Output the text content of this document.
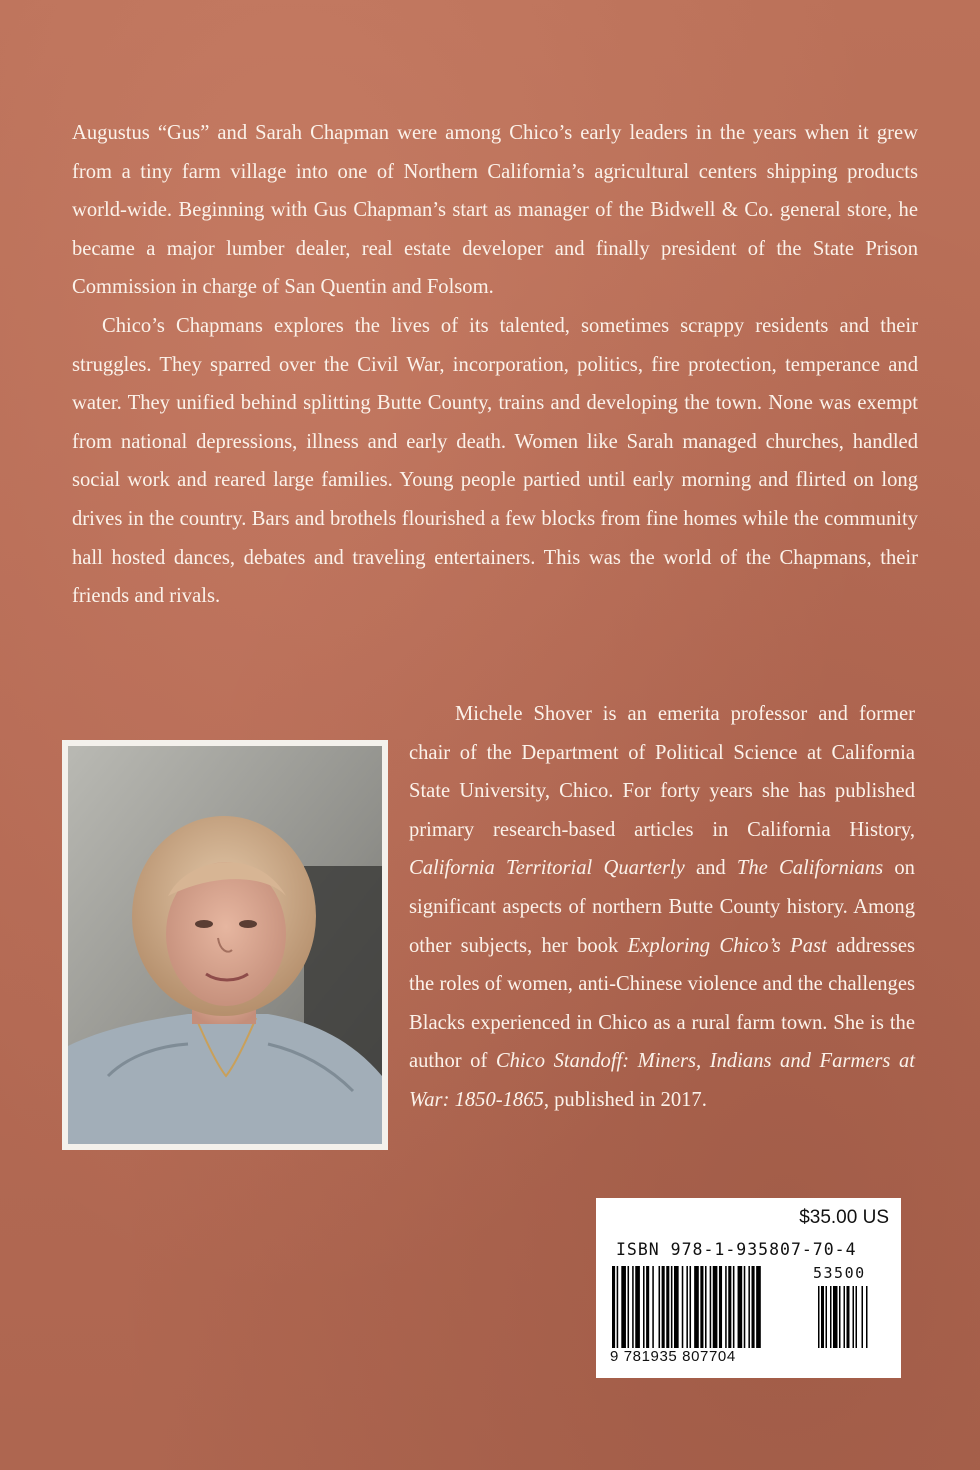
Augustus “Gus” and Sarah Chapman were among Chico’s early leaders in the years when it grew from a tiny farm village into one of Northern California’s agricultural centers shipping products world-wide. Beginning with Gus Chapman’s start as manager of the Bidwell & Co. general store, he became a major lumber dealer, real estate developer and finally president of the State Prison Commission in charge of San Quentin and Folsom.

Chico’s Chapmans explores the lives of its talented, sometimes scrappy residents and their struggles. They sparred over the Civil War, incorporation, politics, fire protection, temperance and water. They unified behind splitting Butte County, trains and developing the town. None was exempt from national depressions, illness and early death. Women like Sarah managed churches, handled social work and reared large families. Young people partied until early morning and flirted on long drives in the country. Bars and brothels flourished a few blocks from fine homes while the community hall hosted dances, debates and traveling entertainers. This was the world of the Chapmans, their friends and rivals.

Michele Shover is an emerita professor and former chair of the Department of Political Science at California State University, Chico. For forty years she has published primary research-based articles in California History, California Territorial Quarterly and The Californians on significant aspects of northern Butte County history. Among other subjects, her book Exploring Chico’s Past addresses the roles of women, anti-Chinese violence and the challenges Blacks experienced in Chico as a rural farm town. She is the author of Chico Standoff: Miners, Indians and Farmers at War: 1850-1865, published in 2017.

$35.00 US
ISBN 978-1-935807-70-4
53500
9 781935 807704
